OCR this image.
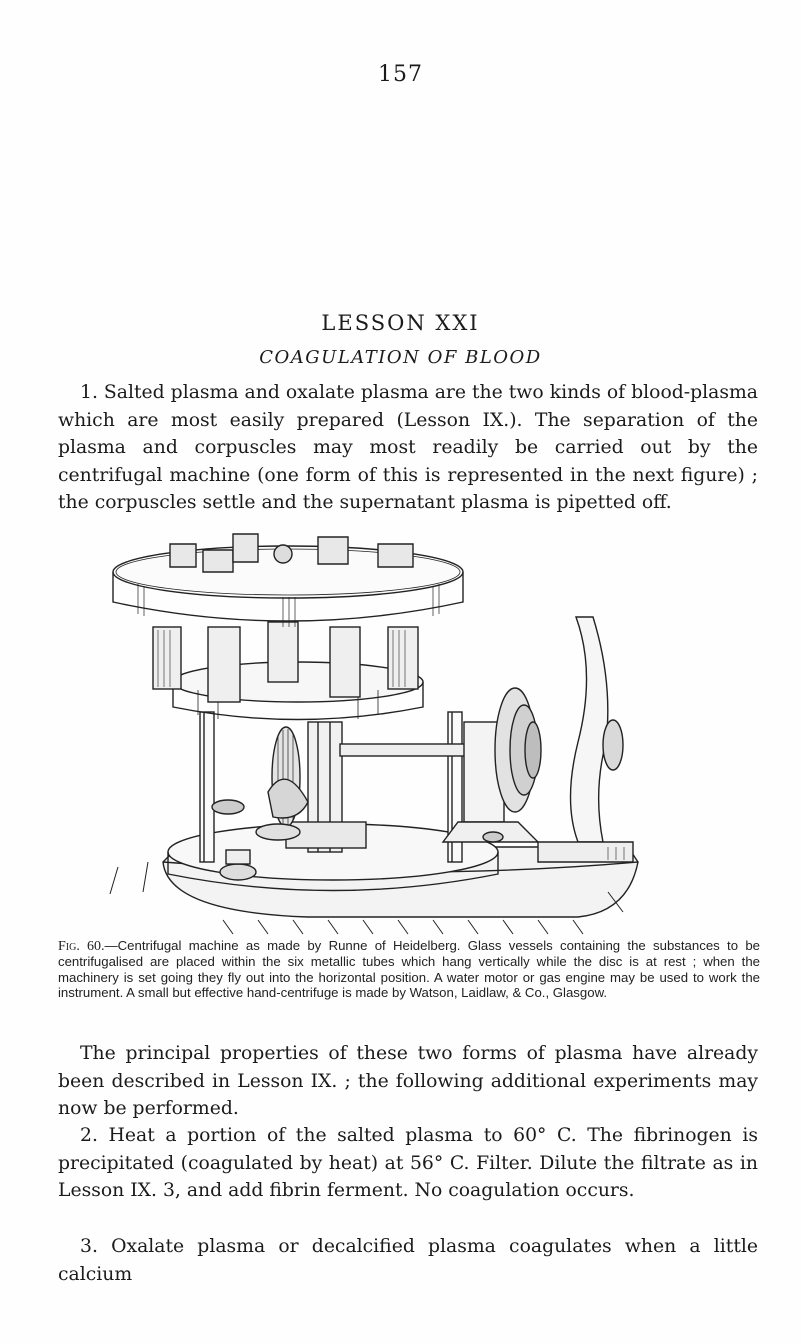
157
LESSON XXI
COAGULATION OF BLOOD

1. Salted plasma and oxalate plasma are the two kinds of blood-plasma which are most easily prepared (Lesson IX.). The separation of the plasma and corpuscles may most readily be carried out by the centrifugal machine (one form of this is represented in the next figure) ; the corpuscles settle and the supernatant plasma is pipetted off.

Fig. 60.—Centrifugal machine as made by Runne of Heidelberg. Glass vessels containing the substances to be centrifugalised are placed within the six metallic tubes which hang vertically while the disc is at rest ; when the machinery is set going they fly out into the horizontal position. A water motor or gas engine may be used to work the instrument. A small but effective hand-centrifuge is made by Watson, Laidlaw, & Co., Glasgow.

The principal properties of these two forms of plasma have already been described in Lesson IX. ; the following additional experiments may now be performed.

2. Heat a portion of the salted plasma to 60° C. The fibrinogen is precipitated (coagulated by heat) at 56° C. Filter. Dilute the filtrate as in Lesson IX. 3, and add fibrin ferment. No coagulation occurs.

3. Oxalate plasma or decalcified plasma coagulates when a little calcium
